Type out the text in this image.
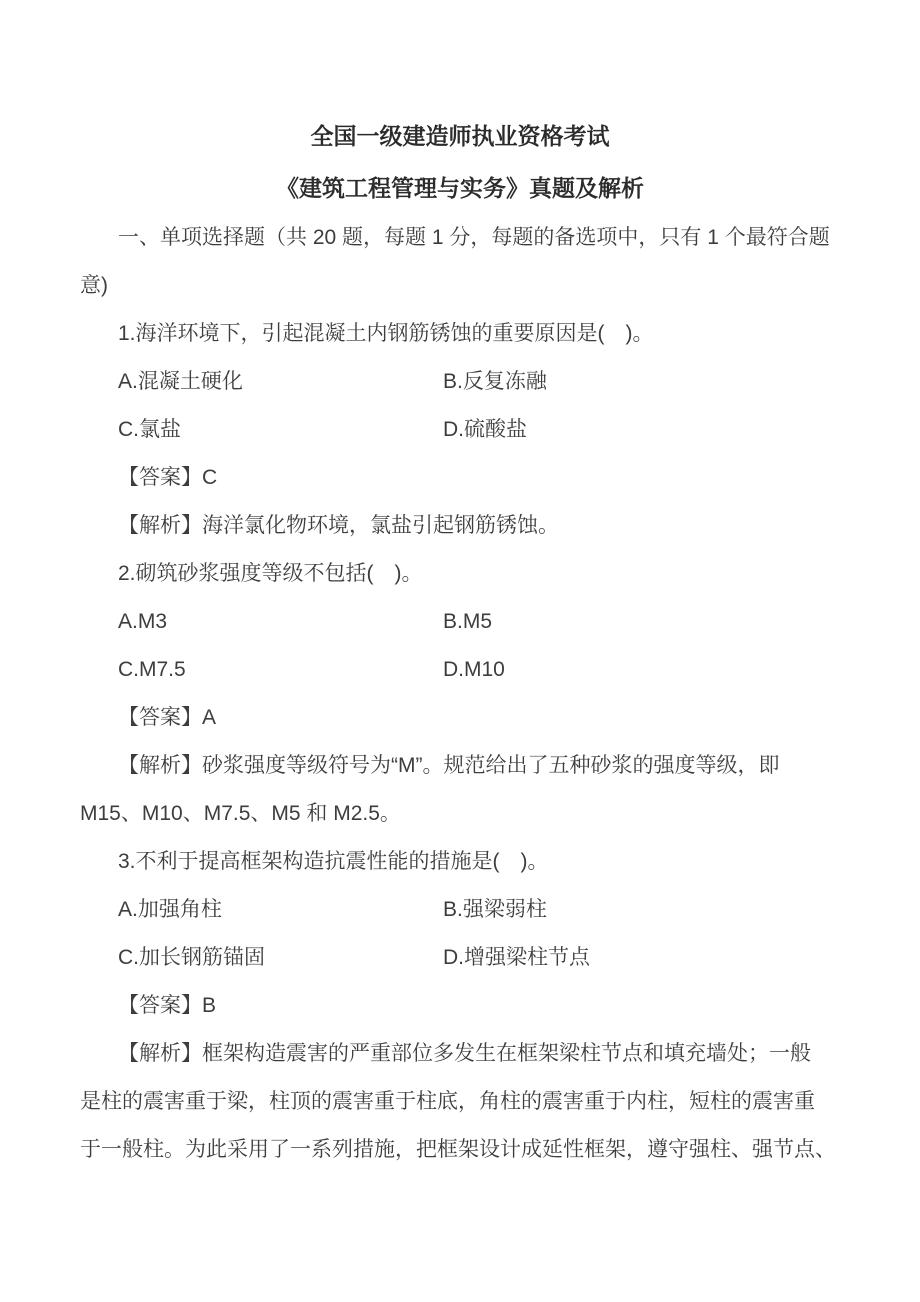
全国一级建造师执业资格考试
《建筑工程管理与实务》真题及解析
一、单项选择题（共 20 题，每题 1 分，每题的备选项中，只有 1 个最符合题
意)
1.海洋环境下，引起混凝土内钢筋锈蚀的重要原因是(　)。
A.混凝土硬化	B.反复冻融
C.氯盐	D.硫酸盐
【答案】C
【解析】海洋氯化物环境，氯盐引起钢筋锈蚀。
2.砌筑砂浆强度等级不包括(　)。
A.M3	B.M5
C.M7.5	D.M10
【答案】A
【解析】砂浆强度等级符号为“M”。规范给出了五种砂浆的强度等级，即
M15、M10、M7.5、M5 和 M2.5。
3.不利于提高框架构造抗震性能的措施是(　)。
A.加强角柱	B.强梁弱柱
C.加长钢筋锚固	D.增强梁柱节点
【答案】B
【解析】框架构造震害的严重部位多发生在框架梁柱节点和填充墙处；一般
是柱的震害重于梁，柱顶的震害重于柱底，角柱的震害重于内柱，短柱的震害重
于一般柱。为此采用了一系列措施，把框架设计成延性框架，遵守强柱、强节点、
